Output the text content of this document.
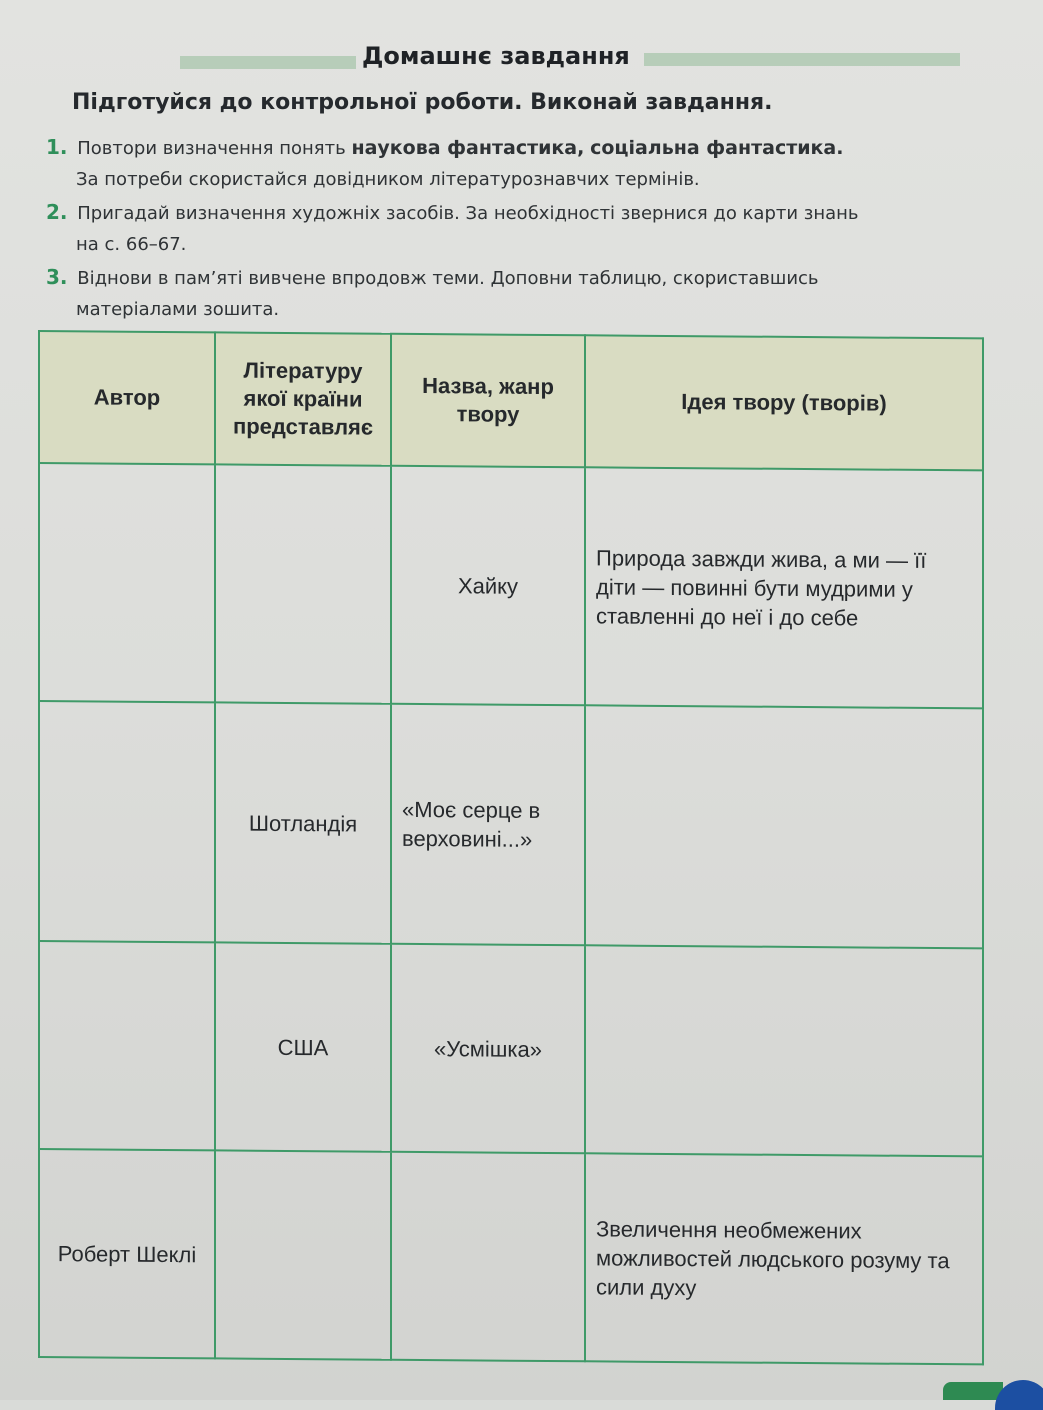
Домашнє завдання
Підготуйся до контрольної роботи. Виконай завдання.
1. Повтори визначення понять наукова фантастика, соціальна фантастика.
За потреби скористайся довідником літературознавчих термінів.
2. Пригадай визначення художніх засобів. За необхідності звернися до карти знань
на с. 66–67.
3. Віднови в пам’яті вивчене впродовж теми. Доповни таблицю, скориставшись
матеріалами зошита.
Автор	Літературу якої країни представляє	Назва, жанр твору	Ідея твору (творів)
		Хайку	Природа завжди жива, а ми — її діти — повинні бути мудрими у ставленні до неї і до себе
	Шотландія	«Моє серце в верховині...»	
	США	«Усмішка»	
Роберт Шеклі			Звеличення необмежених можливостей людського розуму та сили духу
